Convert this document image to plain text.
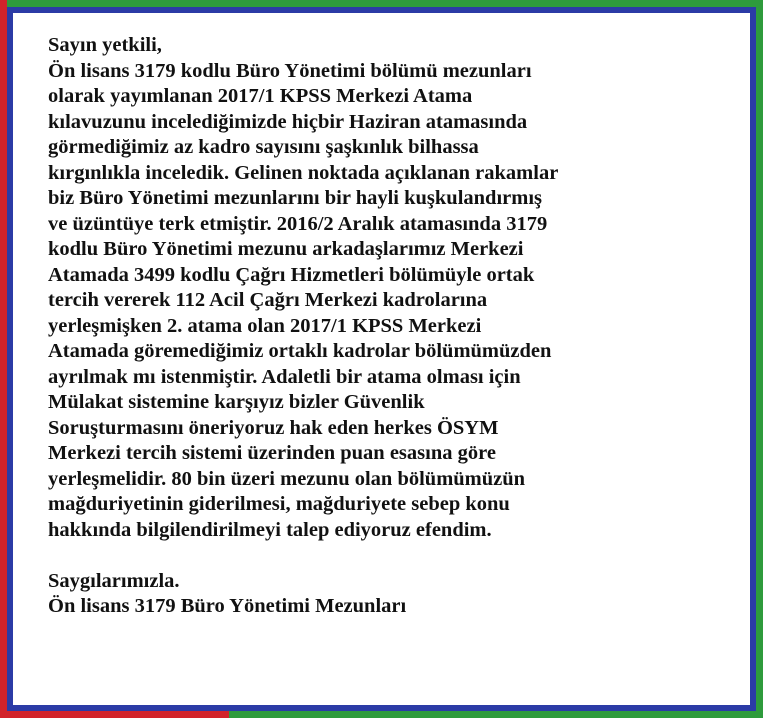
Sayın yetkili,
Ön lisans 3179 kodlu Büro Yönetimi bölümü mezunları
olarak yayımlanan 2017/1 KPSS Merkezi Atama
kılavuzunu incelediğimizde hiçbir Haziran atamasında
görmediğimiz az kadro sayısını şaşkınlık bilhassa
kırgınlıkla inceledik. Gelinen noktada açıklanan rakamlar
biz Büro Yönetimi mezunlarını bir hayli kuşkulandırmış
ve üzüntüye terk etmiştir. 2016/2 Aralık atamasında 3179
kodlu Büro Yönetimi mezunu arkadaşlarımız Merkezi
Atamada 3499 kodlu Çağrı Hizmetleri bölümüyle ortak
tercih vererek 112 Acil Çağrı Merkezi kadrolarına
yerleşmişken 2. atama olan 2017/1 KPSS Merkezi
Atamada göremediğimiz ortaklı kadrolar bölümümüzden
ayrılmak mı istenmiştir. Adaletli bir atama olması için
Mülakat sistemine karşıyız bizler Güvenlik
Soruşturmasını öneriyoruz hak eden herkes ÖSYM
Merkezi tercih sistemi üzerinden puan esasına göre
yerleşmelidir. 80 bin üzeri mezunu olan bölümümüzün
mağduriyetinin giderilmesi, mağduriyete sebep konu
hakkında bilgilendirilmeyi talep ediyoruz efendim.
Saygılarımızla.
Ön lisans 3179 Büro Yönetimi Mezunları
